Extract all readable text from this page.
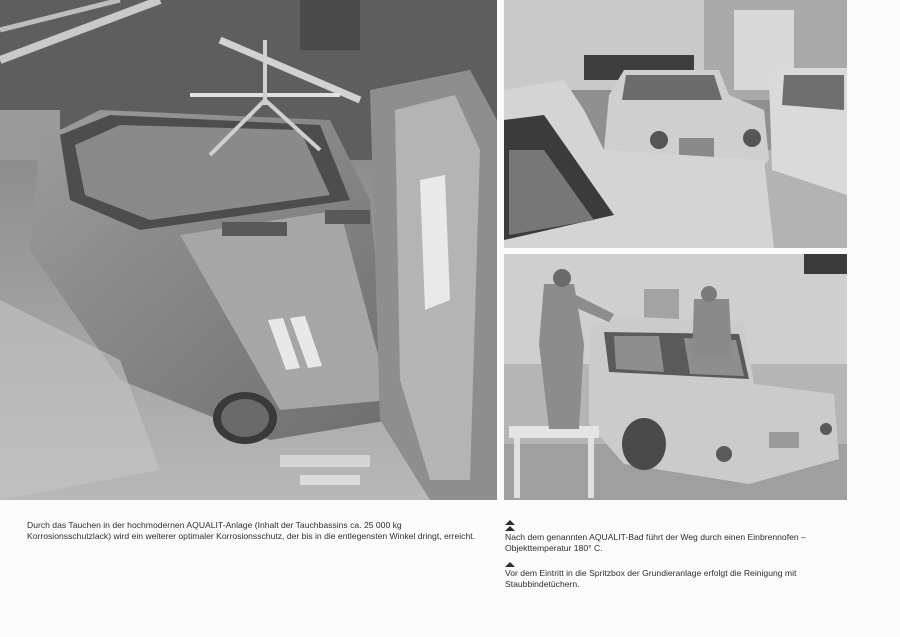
Durch das Tauchen in der hochmodernen AQUALIT-Anlage (Inhalt der Tauchbassins ca. 25 000 kg Korrosionsschutzlack) wird ein weiterer optimaler Korrosionsschutz, der bis in die entlegensten Winkel dringt, erreicht.	Nach dem genannten AQUALIT-Bad führt der Weg durch einen Einbrennofen – Objekttemperatur 180° C.

Vor dem Eintritt in die Spritzbox der Grundieranlage erfolgt die Reinigung mit Staubbindetüchern.
